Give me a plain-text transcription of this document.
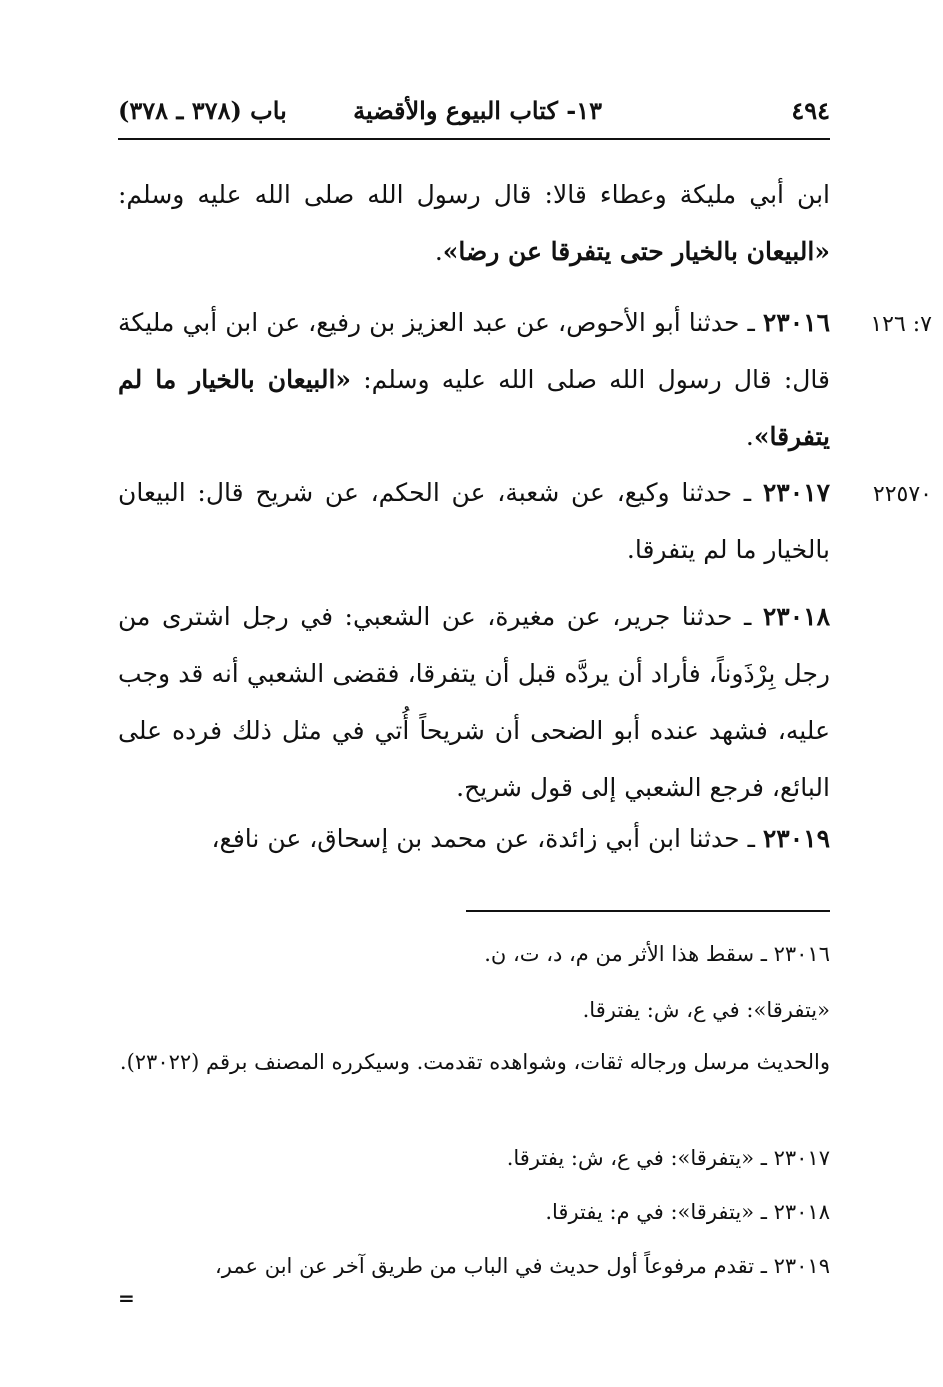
٤٩٤
١٣- كتاب البيوع والأقضية
باب (٣٧٨ ـ ٣٧٨)
ابن أبي مليكة وعطاء قالا: قال رسول الله صلى الله عليه وسلم: «البيعان بالخيار حتى يتفرقا عن رضا».
٧: ١٢٦
٢٣٠١٦ ـ حدثنا أبو الأحوص، عن عبد العزيز بن رفيع، عن ابن أبي مليكة قال: قال رسول الله صلى الله عليه وسلم: «البيعان بالخيار ما لم يتفرقا».
٢٢٥٧٠
٢٣٠١٧ ـ حدثنا وكيع، عن شعبة، عن الحكم، عن شريح قال: البيعان بالخيار ما لم يتفرقا.
٢٣٠١٨ ـ حدثنا جرير، عن مغيرة، عن الشعبي: في رجل اشترى من رجل بِرْذَوناً، فأراد أن يردَّه قبل أن يتفرقا، فقضى الشعبي أنه قد وجب عليه، فشهد عنده أبو الضحى أن شريحاً أُتي في مثل ذلك فرده على البائع، فرجع الشعبي إلى قول شريح.
٢٣٠١٩ ـ حدثنا ابن أبي زائدة، عن محمد بن إسحاق، عن نافع،
٢٣٠١٦ ـ سقط هذا الأثر من م، د، ت، ن.
«يتفرقا»: في ع، ش: يفترقا.
والحديث مرسل ورجاله ثقات، وشواهده تقدمت. وسيكرره المصنف برقم (٢٣٠٢٢).
٢٣٠١٧ ـ «يتفرقا»: في ع، ش: يفترقا.
٢٣٠١٨ ـ «يتفرقا»: في م: يفترقا.
٢٣٠١٩ ـ تقدم مرفوعاً أول حديث في الباب من طريق آخر عن ابن عمر،
=
